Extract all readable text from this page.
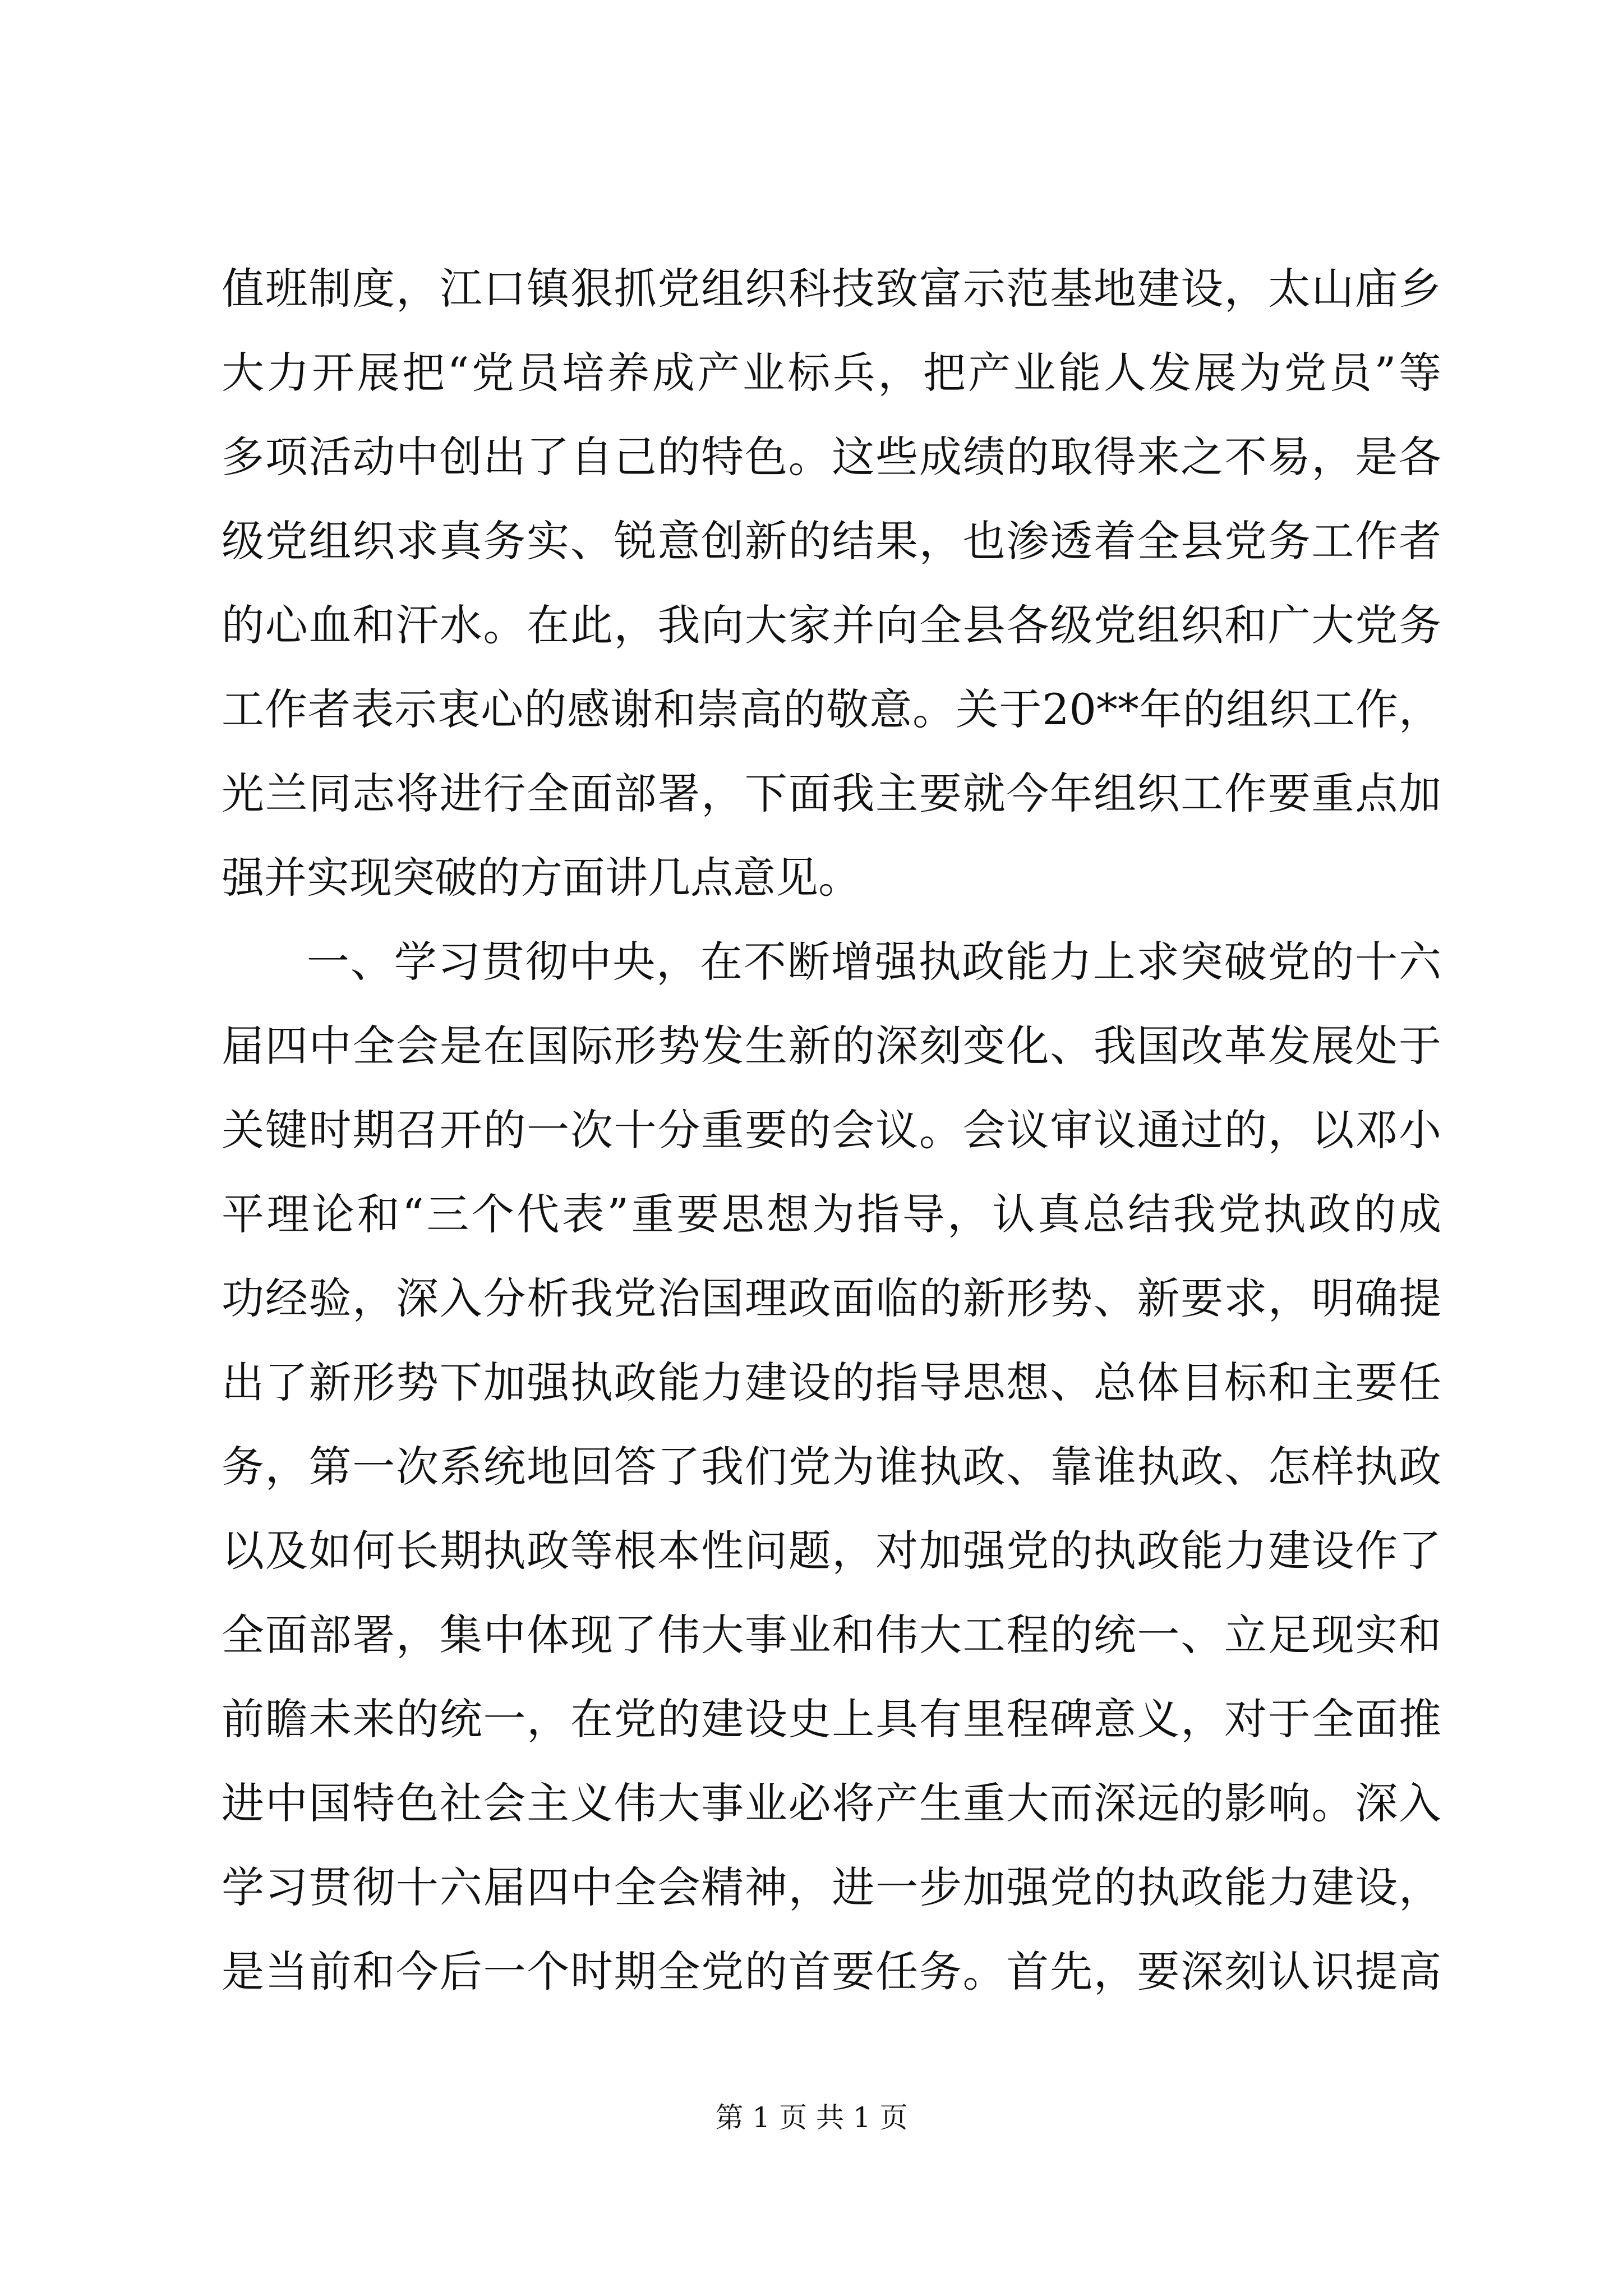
值班制度，江口镇狠抓党组织科技致富示范基地建设，太山庙乡
大力开展把“党员培养成产业标兵，把产业能人发展为党员”等
多项活动中创出了自己的特色。这些成绩的取得来之不易，是各
级党组织求真务实、锐意创新的结果，也渗透着全县党务工作者
的心血和汗水。在此，我向大家并向全县各级党组织和广大党务
工作者表示衷心的感谢和崇高的敬意。关于20**年的组织工作，
光兰同志将进行全面部署，下面我主要就今年组织工作要重点加
强并实现突破的方面讲几点意见。
一、学习贯彻中央，在不断增强执政能力上求突破党的十六
届四中全会是在国际形势发生新的深刻变化、我国改革发展处于
关键时期召开的一次十分重要的会议。会议审议通过的，以邓小
平理论和“三个代表”重要思想为指导，认真总结我党执政的成
功经验，深入分析我党治国理政面临的新形势、新要求，明确提
出了新形势下加强执政能力建设的指导思想、总体目标和主要任
务，第一次系统地回答了我们党为谁执政、靠谁执政、怎样执政
以及如何长期执政等根本性问题，对加强党的执政能力建设作了
全面部署，集中体现了伟大事业和伟大工程的统一、立足现实和
前瞻未来的统一，在党的建设史上具有里程碑意义，对于全面推
进中国特色社会主义伟大事业必将产生重大而深远的影响。深入
学习贯彻十六届四中全会精神，进一步加强党的执政能力建设，
是当前和今后一个时期全党的首要任务。首先，要深刻认识提高
第 1 页 共 1 页
